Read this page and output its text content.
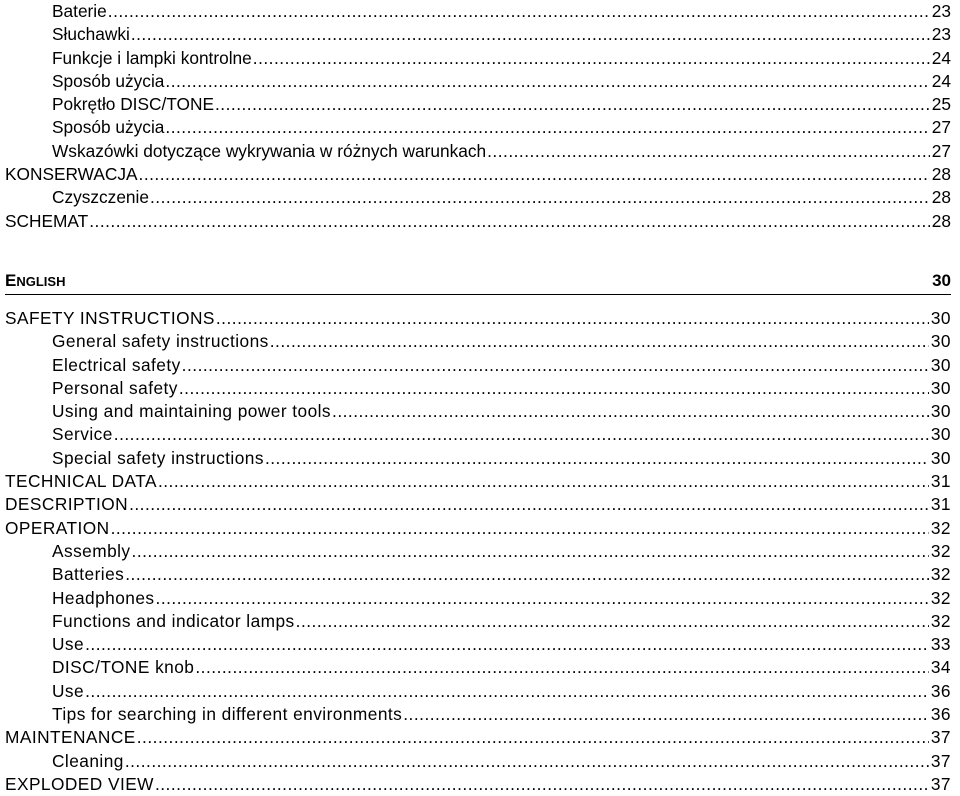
Baterie .....	23
Słuchawki .....	23
Funkcje i lampki kontrolne .....	24
Sposób użycia .....	24
Pokrętło DISC/TONE .....	25
Sposób użycia .....	27
Wskazówki dotyczące wykrywania w różnych warunkach .....	27
KONSERWACJA .....	28
Czyszczenie .....	28
SCHEMAT .....	28
ENGLISH	30
SAFETY INSTRUCTIONS .....	30
General safety instructions .....	30
Electrical safety .....	30
Personal safety .....	30
Using and maintaining power tools .....	30
Service .....	30
Special safety instructions .....	30
TECHNICAL DATA .....	31
DESCRIPTION .....	31
OPERATION .....	32
Assembly .....	32
Batteries .....	32
Headphones .....	32
Functions and indicator lamps .....	32
Use .....	33
DISC/TONE knob .....	34
Use .....	36
Tips for searching in different environments .....	36
MAINTENANCE .....	37
Cleaning .....	37
EXPLODED VIEW .....	37
